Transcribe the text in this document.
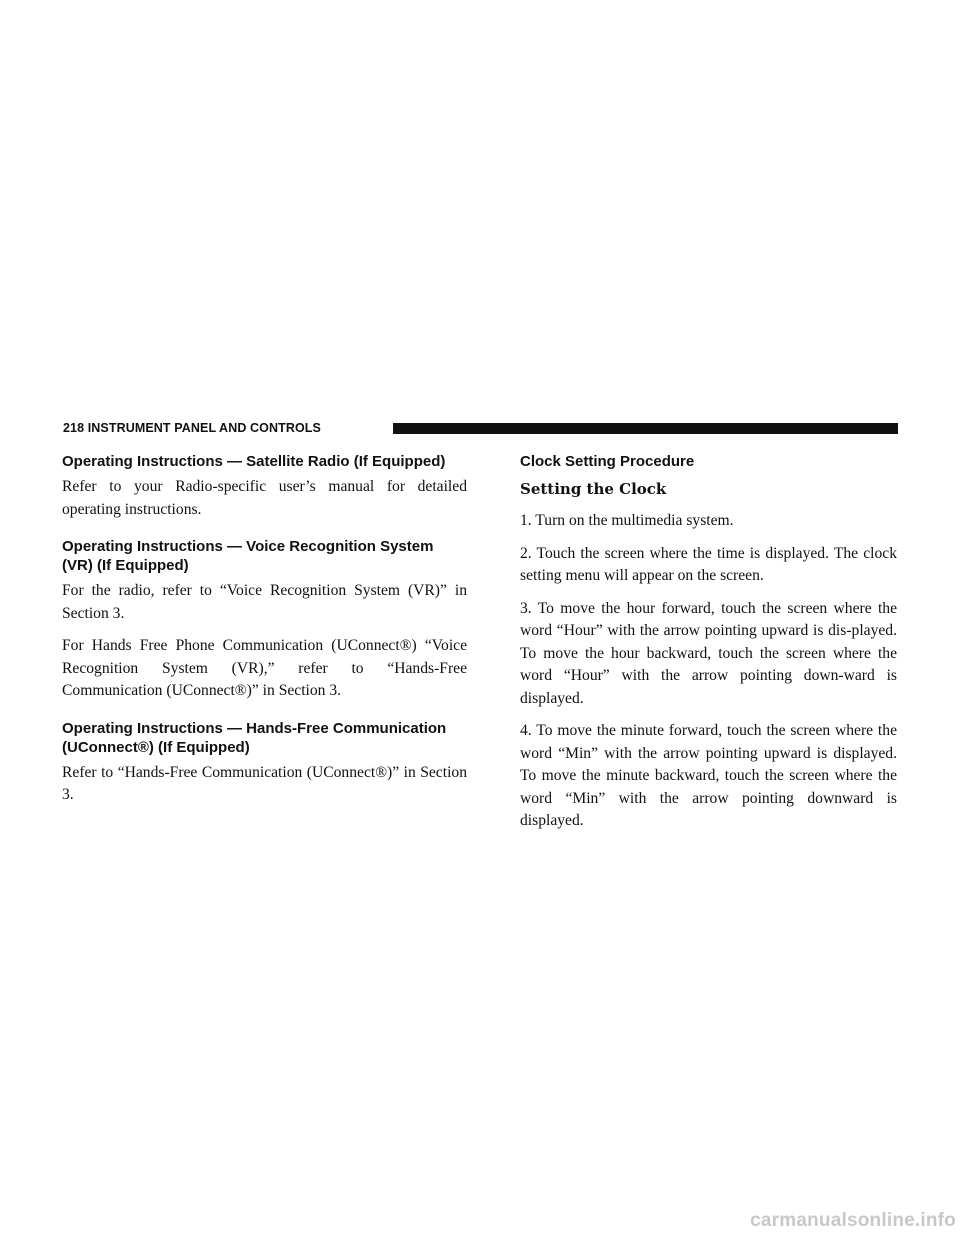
218 INSTRUMENT PANEL AND CONTROLS
Operating Instructions — Satellite Radio (If Equipped)

Refer to your Radio-specific user’s manual for detailed operating instructions.

Operating Instructions — Voice Recognition System (VR) (If Equipped)

For the radio, refer to “Voice Recognition System (VR)” in Section 3.

For Hands Free Phone Communication (UConnect®) “Voice Recognition System (VR),” refer to “Hands-Free Communication (UConnect®)” in Section 3.

Operating Instructions — Hands-Free Communication (UConnect®) (If Equipped)

Refer to “Hands-Free Communication (UConnect®)” in Section 3.

Clock Setting Procedure
Setting the Clock

1. Turn on the multimedia system.

2. Touch the screen where the time is displayed. The clock setting menu will appear on the screen.

3. To move the hour forward, touch the screen where the word “Hour” with the arrow pointing upward is dis-played. To move the hour backward, touch the screen where the word “Hour” with the arrow pointing down-ward is displayed.

4. To move the minute forward, touch the screen where the word “Min” with the arrow pointing upward is displayed. To move the minute backward, touch the screen where the word “Min” with the arrow pointing downward is displayed.

carmanualsonline.info
